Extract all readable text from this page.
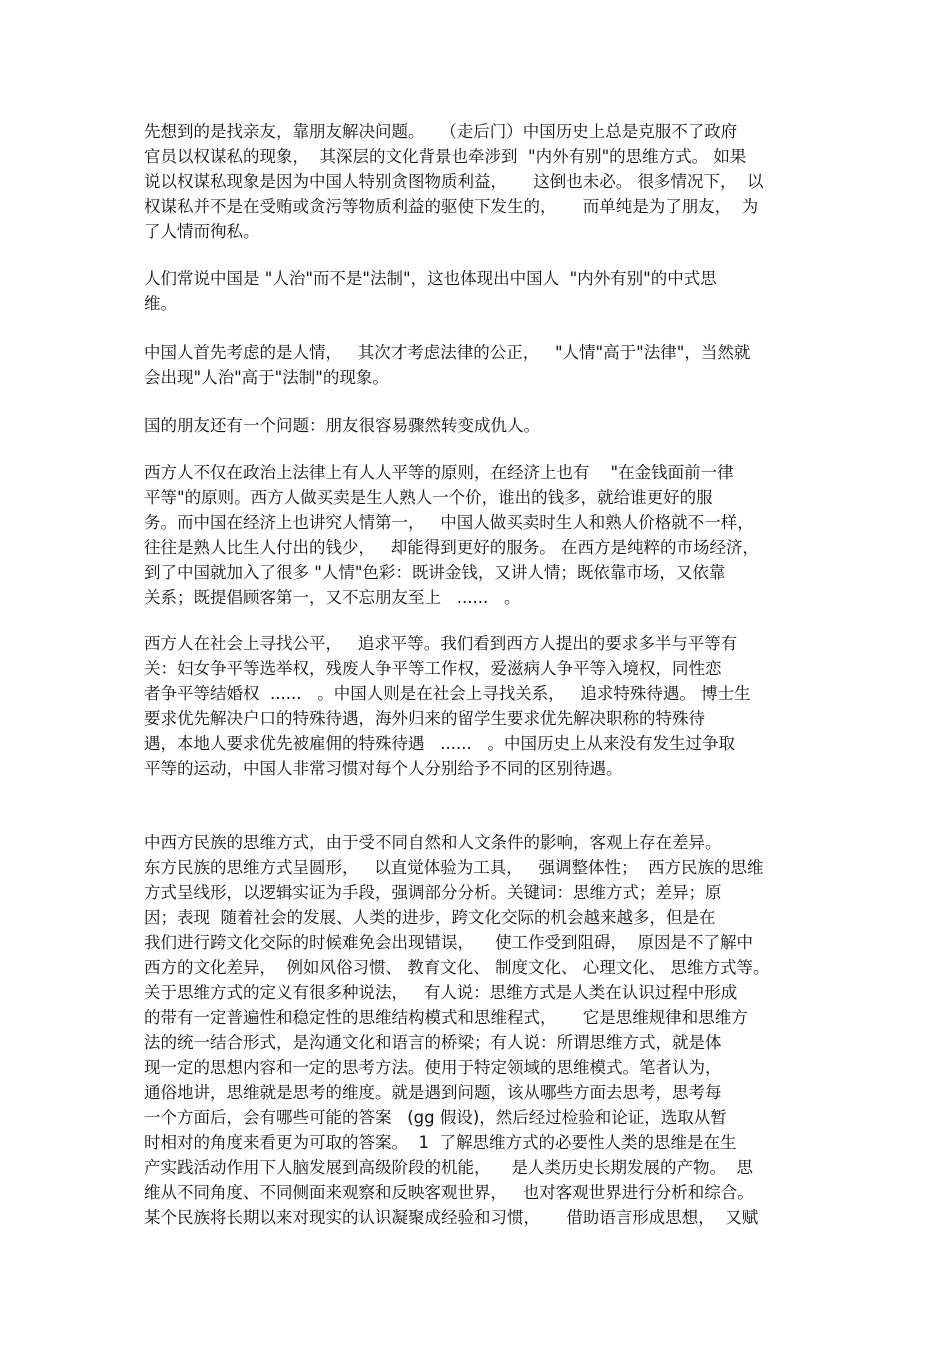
先想到的是找亲友，靠朋友解决问题。   （走后门）中国历史上总是克服不了政府
官员以权谋私的现象，  其深层的文化背景也牵涉到  "内外有别"的思维方式。 如果
说以权谋私现象是因为中国人特别贪图物质利益，     这倒也未必。 很多情况下，  以
权谋私并不是在受贿或贪污等物质利益的驱使下发生的，     而单纯是为了朋友，  为
了人情而徇私。
人们常说中国是 "人治"而不是"法制"，这也体现出中国人  "内外有别"的中式思
维。
中国人首先考虑的是人情，   其次才考虑法律的公正，   "人情"高于"法律"，当然就
会出现"人治"高于"法制"的现象。
国的朋友还有一个问题：朋友很容易骤然转变成仇人。
西方人不仅在政治上法律上有人人平等的原则，在经济上也有    "在金钱面前一律
平等"的原则。西方人做买卖是生人熟人一个价，谁出的钱多，就给谁更好的服
务。而中国在经济上也讲究人情第一，   中国人做买卖时生人和熟人价格就不一样，
往往是熟人比生人付出的钱少，   却能得到更好的服务。 在西方是纯粹的市场经济，
到了中国就加入了很多 "人情"色彩：既讲金钱，又讲人情；既依靠市场，又依靠
关系；既提倡顾客第一，又不忘朋友至上   ......   。
西方人在社会上寻找公平，   追求平等。我们看到西方人提出的要求多半与平等有
关：妇女争平等选举权，残废人争平等工作权，爱滋病人争平等入境权，同性恋
者争平等结婚权  ......   。中国人则是在社会上寻找关系，   追求特殊待遇。 博士生
要求优先解决户口的特殊待遇，海外归来的留学生要求优先解决职称的特殊待
遇，本地人要求优先被雇佣的特殊待遇   ......   。中国历史上从来没有发生过争取
平等的运动，中国人非常习惯对每个人分别给予不同的区别待遇。
中西方民族的思维方式，由于受不同自然和人文条件的影响，客观上存在差异。
东方民族的思维方式呈圆形，   以直觉体验为工具，   强调整体性；  西方民族的思维
方式呈线形，以逻辑实证为手段，强调部分分析。关键词：思维方式；差异；原
因；表现  随着社会的发展、人类的进步，跨文化交际的机会越来越多，但是在
我们进行跨文化交际的时候难免会出现错误，    使工作受到阻碍，  原因是不了解中
西方的文化差异，  例如风俗习惯、 教育文化、 制度文化、 心理文化、 思维方式等。
关于思维方式的定义有很多种说法，   有人说：思维方式是人类在认识过程中形成
的带有一定普遍性和稳定性的思维结构模式和思维程式，     它是思维规律和思维方
法的统一结合形式，是沟通文化和语言的桥梁；有人说：所谓思维方式，就是体
现一定的思想内容和一定的思考方法。使用于特定领域的思维模式。笔者认为，
通俗地讲，思维就是思考的维度。就是遇到问题，该从哪些方面去思考，思考每
一个方面后，会有哪些可能的答案   (gg 假设)，然后经过检验和论证，选取从暂
时相对的角度来看更为可取的答案。  1  了解思维方式的必要性人类的思维是在生
产实践活动作用下人脑发展到高级阶段的机能，    是人类历史长期发展的产物。  思
维从不同角度、不同侧面来观察和反映客观世界，   也对客观世界进行分析和综合。
某个民族将长期以来对现实的认识凝聚成经验和习惯，     借助语言形成思想，  又赋
